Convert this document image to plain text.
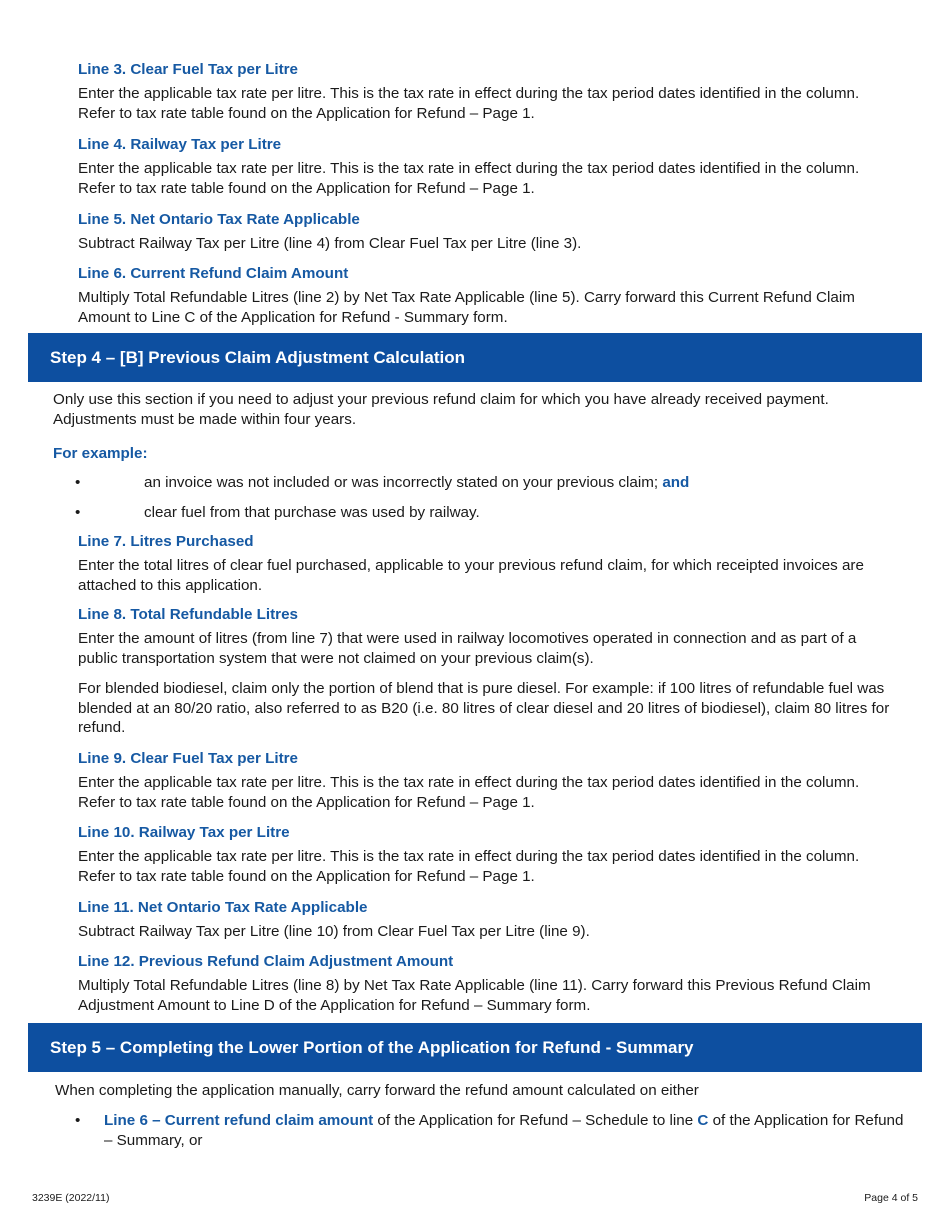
Line 3. Clear Fuel Tax per Litre
Enter the applicable tax rate per litre. This is the tax rate in effect during the tax period dates identified in the column. Refer to tax rate table found on the Application for Refund – Page 1.
Line 4. Railway Tax per Litre
Enter the applicable tax rate per litre. This is the tax rate in effect during the tax period dates identified in the column. Refer to tax rate table found on the Application for Refund – Page 1.
Line 5. Net Ontario Tax Rate Applicable
Subtract Railway Tax per Litre (line 4) from Clear Fuel Tax per Litre (line 3).
Line 6. Current Refund Claim Amount
Multiply Total Refundable Litres (line 2) by Net Tax Rate Applicable (line 5). Carry forward this Current Refund Claim Amount to Line C of the Application for Refund - Summary form.
Step 4 – [B] Previous Claim Adjustment Calculation
Only use this section if you need to adjust your previous refund claim for which you have already received payment. Adjustments must be made within four years.
For example:
•	an invoice was not included or was incorrectly stated on your previous claim; and
•	clear fuel from that purchase was used by railway.
Line 7. Litres Purchased
Enter the total litres of clear fuel purchased, applicable to your previous refund claim, for which receipted invoices are attached to this application.
Line 8. Total Refundable Litres
Enter the amount of litres (from line 7) that were used in railway locomotives operated in connection and as part of a public transportation system that were not claimed on your previous claim(s).
For blended biodiesel, claim only the portion of blend that is pure diesel. For example: if 100 litres of refundable fuel was blended at an 80/20 ratio, also referred to as B20 (i.e. 80 litres of clear diesel and 20 litres of biodiesel), claim 80 litres for refund.
Line 9. Clear Fuel Tax per Litre
Enter the applicable tax rate per litre. This is the tax rate in effect during the tax period dates identified in the column. Refer to tax rate table found on the Application for Refund – Page 1.
Line 10. Railway Tax per Litre
Enter the applicable tax rate per litre. This is the tax rate in effect during the tax period dates identified in the column. Refer to tax rate table found on the Application for Refund – Page 1.
Line 11. Net Ontario Tax Rate Applicable
Subtract Railway Tax per Litre (line 10) from Clear Fuel Tax per Litre (line 9).
Line 12. Previous Refund Claim Adjustment Amount
Multiply Total Refundable Litres (line 8) by Net Tax Rate Applicable (line 11). Carry forward this Previous Refund Claim Adjustment Amount to Line D of the Application for Refund – Summary form.
Step 5 – Completing the Lower Portion of the Application for Refund - Summary
When completing the application manually, carry forward the refund amount calculated on either
• Line 6 – Current refund claim amount of the Application for Refund – Schedule to line C of the Application for Refund – Summary, or
3239E (2022/11)	Page 4 of 5
